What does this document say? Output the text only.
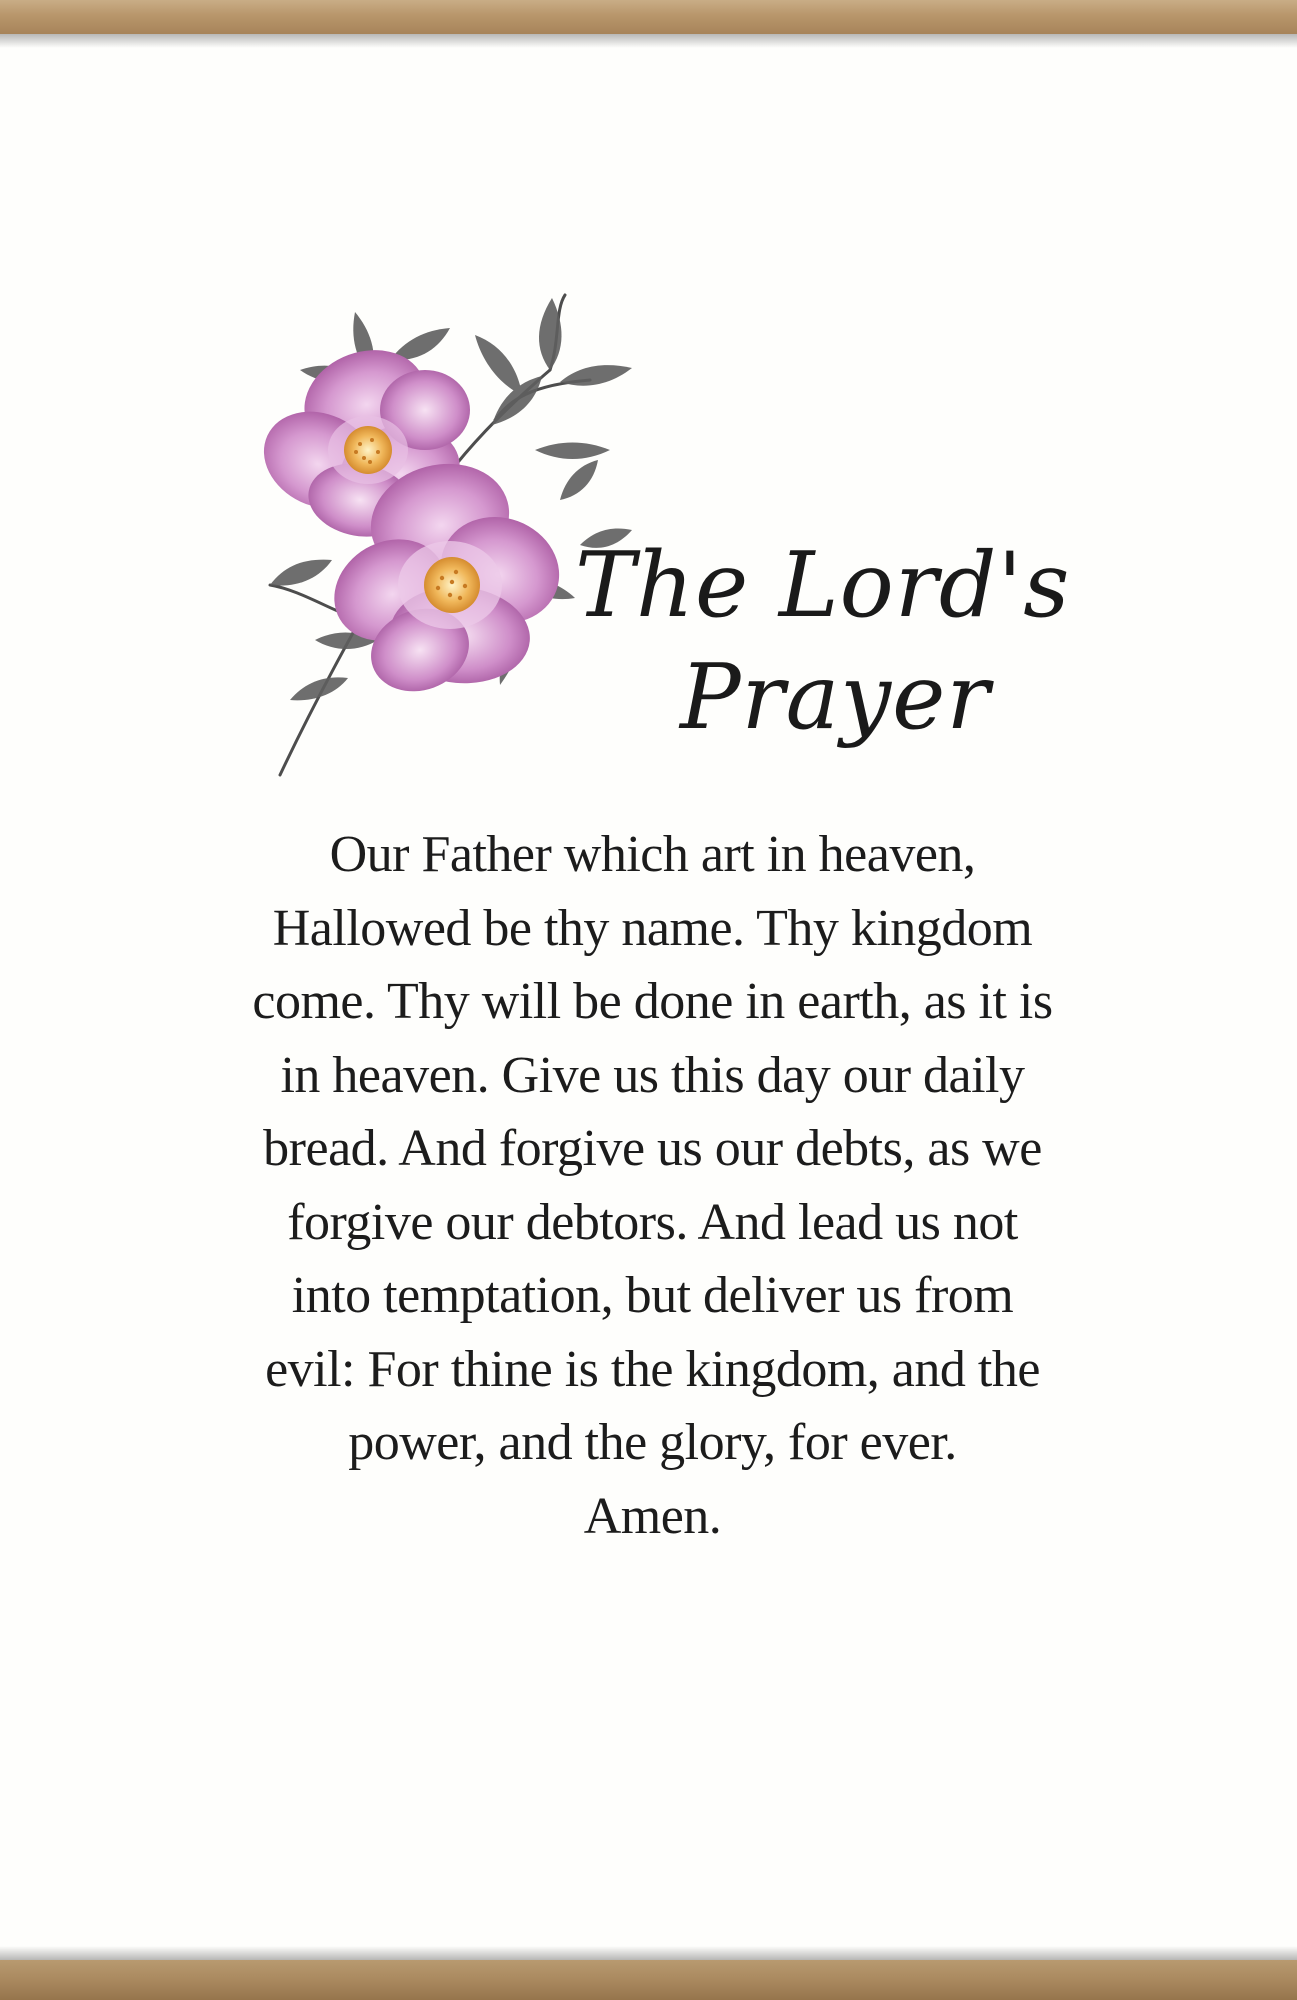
The Lord's
Prayer
Our Father which art in heaven,
Hallowed be thy name. Thy kingdom
come. Thy will be done in earth, as it is
in heaven. Give us this day our daily
bread. And forgive us our debts, as we
forgive our debtors. And lead us not
into temptation, but deliver us from
evil: For thine is the kingdom, and the
power, and the glory, for ever.
Amen.
